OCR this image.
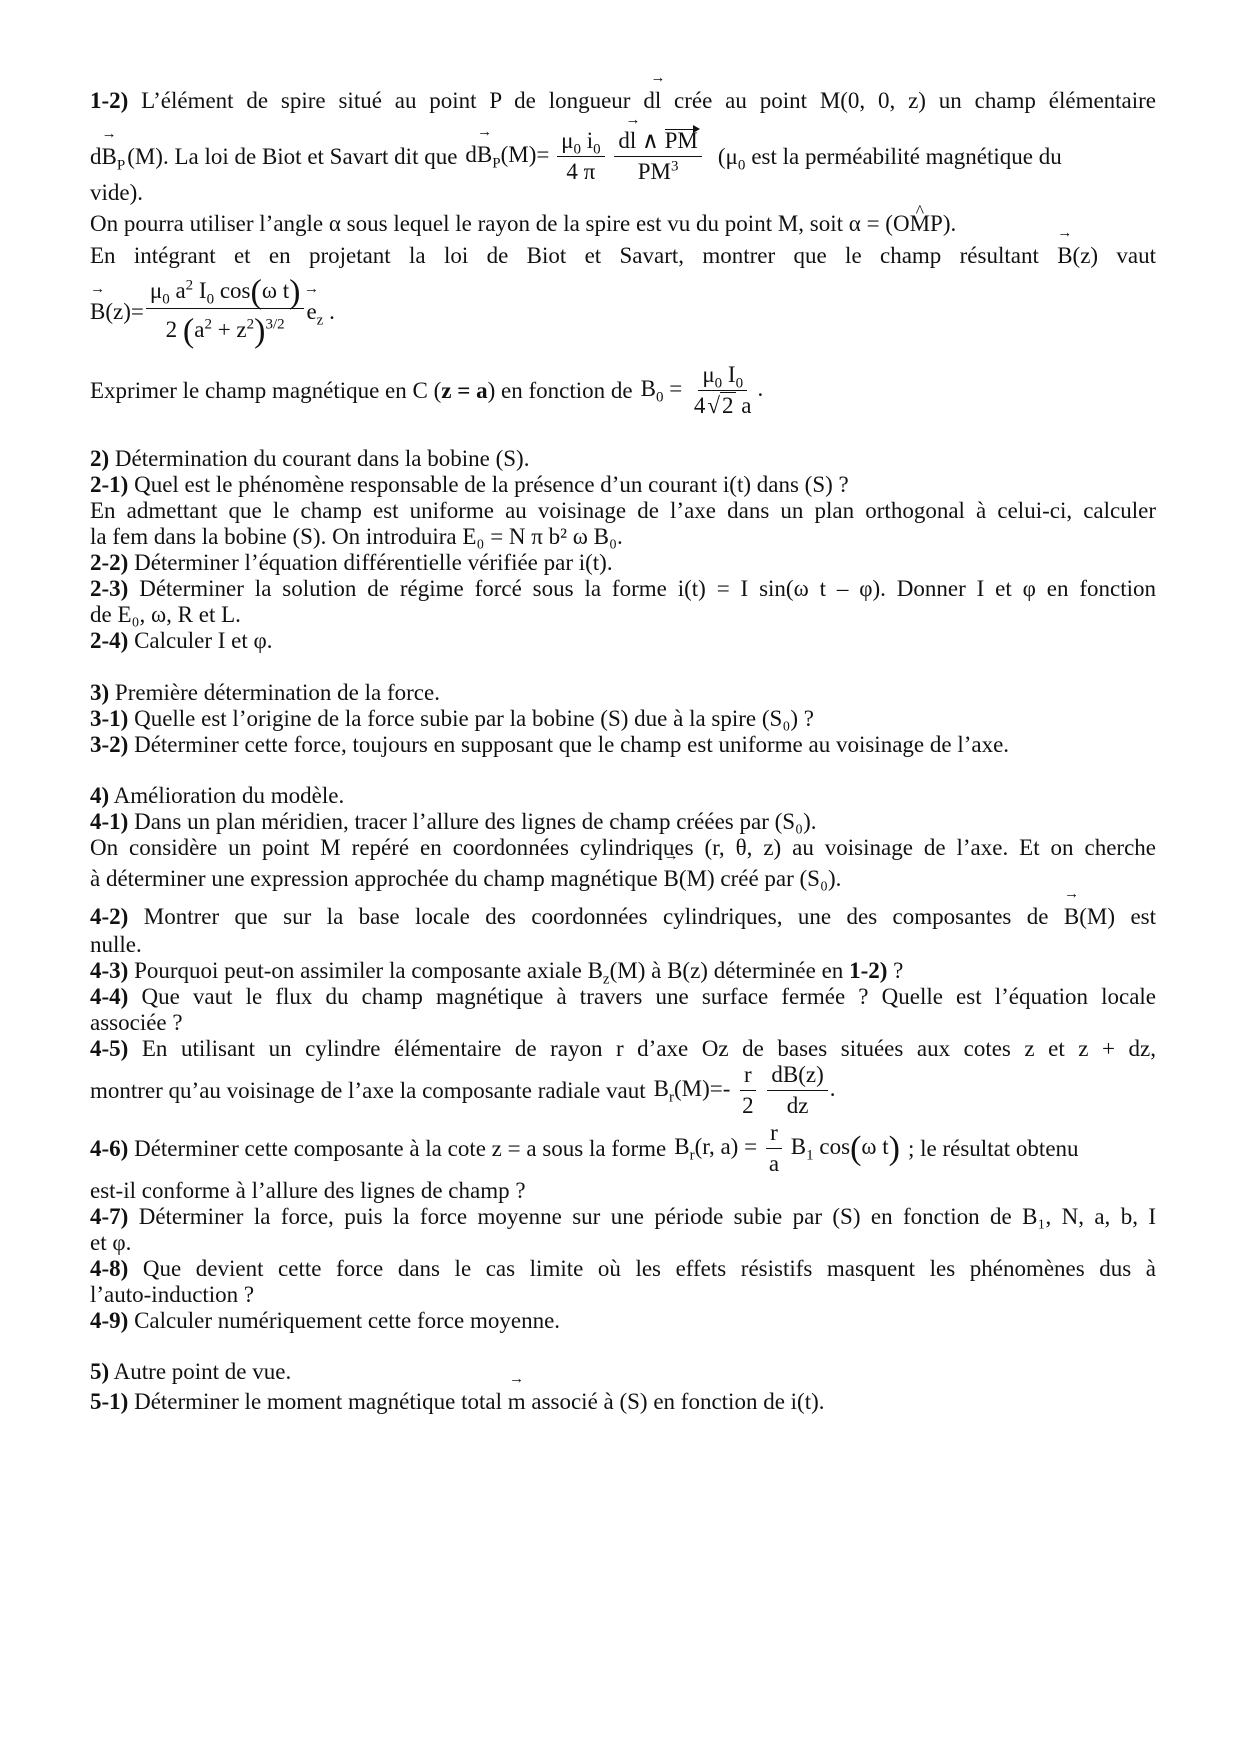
1-2) L’élément de spire situé au point P de longueur d→ l crée au point M(0, 0, z) un champ élémentaire
$d\to B_P$ (M). La loi de Biot et Savart dit que $d\to B_P(M)= \frac{\mu_0 i_0}{4 \pi}$
$\frac{d\to l \wedge PM}{PM^3} (\mu_0$ est la perméabilité magnétique du
vide).
On pourra utiliser l’angle α sous lequel le rayon de la spire est vu du point M, soit α = (O^ MP).
En intégrant et en projetant la loi de Biot et Savart, montrer que le champ résultant → B(z) vaut
→ $B(z)= \frac{\mu_0 a^2 I_0 \cos(\omega t)}{2 (a^2 + z^2)^{3/2}}$
→ $e_z$ .
Exprimer le champ magnétique en C ( z = a ) en fonction de $B_0 = \frac{\mu_0 I_0}{4√2 a}$ .
2) Détermination du courant dans la bobine (S).
2-1) Quel est le phénomène responsable de la présence d’un courant i(t) dans (S) ?
En admettant que le champ est uniforme au voisinage de l’axe dans un plan orthogonal à celui-ci, calculer
la fem dans la bobine (S). On introduira E₀ = N π b² ω B₀.
2-2) Déterminer l’équation différentielle vérifiée par i(t).
2-3) Déterminer la solution de régime forcé sous la forme i(t) = I sin(ω t – φ). Donner I et φ en fonction
de E₀, ω, R et L.
2-4) Calculer I et φ.
3) Première détermination de la force.
3-1) Quelle est l’origine de la force subie par la bobine (S) due à la spire (S₀) ?
3-2) Déterminer cette force, toujours en supposant que le champ est uniforme au voisinage de l’axe.
4) Amélioration du modèle.
4-1) Dans un plan méridien, tracer l’allure des lignes de champ créées par (S₀).
On considère un point M repéré en coordonnées cylindriques (r, θ, z) au voisinage de l’axe. Et on cherche
à déterminer une expression approchée du champ magnétique → B(M) créé par (S₀).
4-2) Montrer que sur la base locale des coordonnées cylindriques, une des composantes de → B(M) est
nulle.
4-3) Pourquoi peut-on assimiler la composante axiale $B_z(M)$ à B(z) déterminée en 1-2) ?
4-4) Que vaut le flux du champ magnétique à travers une surface fermée ? Quelle est l’équation locale
associée ?
4-5) En utilisant un cylindre élémentaire de rayon r d’axe Oz de bases situées aux cotes z et z + dz,
montrer qu’au voisinage de l’axe la composante radiale vaut $B_r(M)=- \frac{r}{2}$
$\frac{dB(z)}{dz}$ .
4-6)
Déterminer cette composante à la cote z = a sous la forme $B_r(r$, $a) = \frac{r}{a} B_1$ cos(ω t) ; le résultat obtenu
est-il conforme à l’allure des lignes de champ ?
4-7) Déterminer la force, puis la force moyenne sur une période subie par (S) en fonction de B₁, N, a, b, I
et φ.
4-8) Que devient cette force dans le cas limite où les effets résistifs masquent les phénomènes dus à
l’auto-induction ?
4-9) Calculer numériquement cette force moyenne.
5) Autre point de vue.
5-1) Déterminer le moment magnétique total → m associé à (S) en fonction de i(t).
